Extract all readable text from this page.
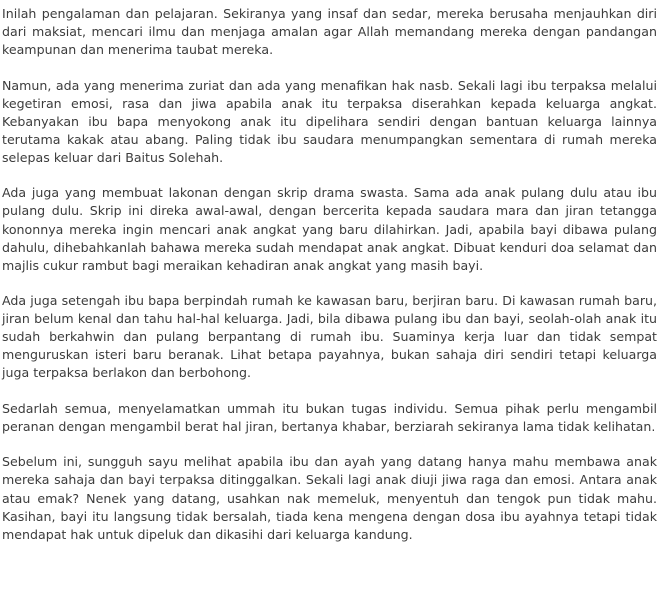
Inilah pengalaman dan pelajaran. Sekiranya yang insaf dan sedar, mereka berusaha menjauhkan diri dari maksiat, mencari ilmu dan menjaga amalan agar Allah memandang mereka dengan pandangan keampunan dan menerima taubat mereka.

Namun, ada yang menerima zuriat dan ada yang menafikan hak nasb. Sekali lagi ibu terpaksa melalui kegetiran emosi, rasa dan jiwa apabila anak itu terpaksa diserahkan kepada keluarga angkat. Kebanyakan ibu bapa menyokong anak itu dipelihara sendiri dengan bantuan keluarga lainnya terutama kakak atau abang. Paling tidak ibu saudara menumpangkan sementara di rumah mereka selepas keluar dari Baitus Solehah.

Ada juga yang membuat lakonan dengan skrip drama swasta. Sama ada anak pulang dulu atau ibu pulang dulu. Skrip ini direka awal-awal, dengan bercerita kepada saudara mara dan jiran tetangga kononnya mereka ingin mencari anak angkat yang baru dilahirkan. Jadi, apabila bayi dibawa pulang dahulu, dihebahkanlah bahawa mereka sudah mendapat anak angkat. Dibuat kenduri doa selamat dan majlis cukur rambut bagi meraikan kehadiran anak angkat yang masih bayi.

Ada juga setengah ibu bapa berpindah rumah ke kawasan baru, berjiran baru. Di kawasan rumah baru, jiran belum kenal dan tahu hal-hal keluarga. Jadi, bila dibawa pulang ibu dan bayi, seolah-olah anak itu sudah berkahwin dan pulang berpantang di rumah ibu. Suaminya kerja luar dan tidak sempat menguruskan isteri baru beranak. Lihat betapa payahnya, bukan sahaja diri sendiri tetapi keluarga juga terpaksa berlakon dan berbohong.

Sedarlah semua, menyelamatkan ummah itu bukan tugas individu. Semua pihak perlu mengambil peranan dengan mengambil berat hal jiran, bertanya khabar, berziarah sekiranya lama tidak kelihatan.

Sebelum ini, sungguh sayu melihat apabila ibu dan ayah yang datang hanya mahu membawa anak mereka sahaja dan bayi terpaksa ditinggalkan. Sekali lagi anak diuji jiwa raga dan emosi. Antara anak atau emak? Nenek yang datang, usahkan nak memeluk, menyentuh dan tengok pun tidak mahu. Kasihan, bayi itu langsung tidak bersalah, tiada kena mengena dengan dosa ibu ayahnya tetapi tidak mendapat hak untuk dipeluk dan dikasihi dari keluarga kandung.
